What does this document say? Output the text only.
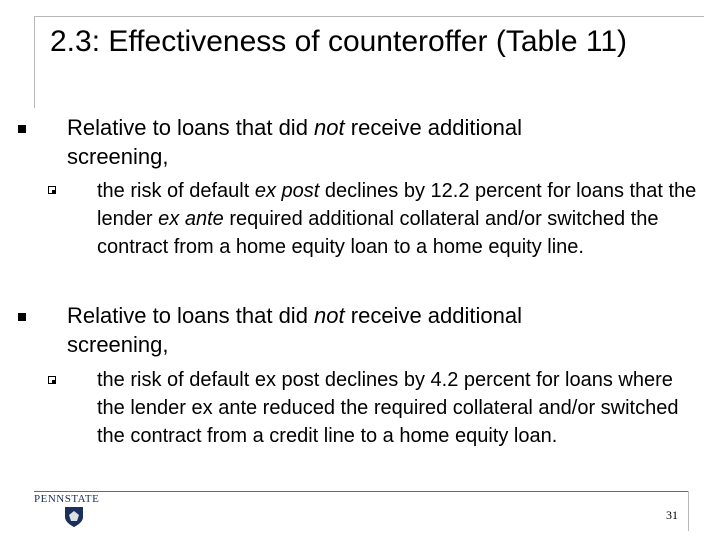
2.3: Effectiveness of counteroffer (Table 11)
Relative to loans that did not receive additional screening,
the risk of default ex post declines by 12.2 percent for loans that the lender ex ante required additional collateral and/or switched the contract from a home equity loan to a home equity line.
Relative to loans that did not receive additional screening,
the risk of default ex post declines by 4.2 percent for loans where the lender ex ante reduced the required collateral and/or switched the contract from a credit line to a home equity loan.
PENNSTATE
31
